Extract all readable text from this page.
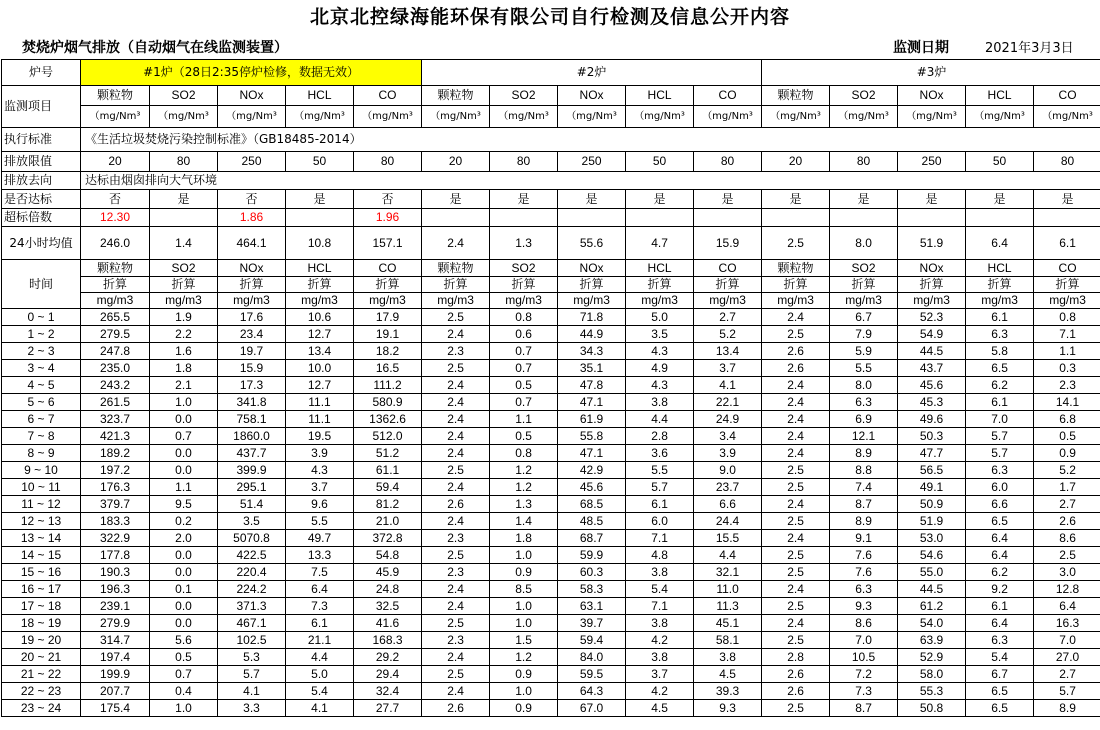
北京北控绿海能环保有限公司自行检测及信息公开内容
焚烧炉烟气排放（自动烟气在线监测装置）	监测日期	2021年3月3日
炉号	#1炉（28日2:35停炉检修，数据无效）					#2炉					#3炉				
监测项目	颗粒物	SO2	NOx	HCL	CO	颗粒物	SO2	NOx	HCL	CO	颗粒物	SO2	NOx	HCL	CO
	（mg/Nm³	（mg/Nm³	（mg/Nm³	（mg/Nm³	（mg/Nm³	（mg/Nm³	（mg/Nm³	（mg/Nm³	（mg/Nm³	（mg/Nm³	（mg/Nm³	（mg/Nm³	（mg/Nm³	（mg/Nm³	（mg/Nm³
执行标准	《生活垃圾焚烧污染控制标准》（GB18485-2014）														
排放限值	20	80	250	50	80	20	80	250	50	80	20	80	250	50	80
排放去向	达标由烟囱排向大气环境														
是否达标	否	是	否	是	否	是	是	是	是	是	是	是	是	是	是
超标倍数	12.30		1.86		1.96										
24小时均值	246.0	1.4	464.1	10.8	157.1	2.4	1.3	55.6	4.7	15.9	2.5	8.0	51.9	6.4	6.1
时间	颗粒物	SO2	NOx	HCL	CO	颗粒物	SO2	NOx	HCL	CO	颗粒物	SO2	NOx	HCL	CO
	折算	折算	折算	折算	折算	折算	折算	折算	折算	折算	折算	折算	折算	折算	折算
	mg/m3	mg/m3	mg/m3	mg/m3	mg/m3	mg/m3	mg/m3	mg/m3	mg/m3	mg/m3	mg/m3	mg/m3	mg/m3	mg/m3	mg/m3
0 ~ 1	265.5	1.9	17.6	10.6	17.9	2.5	0.8	71.8	5.0	2.7	2.4	6.7	52.3	6.1	0.8
1 ~ 2	279.5	2.2	23.4	12.7	19.1	2.4	0.6	44.9	3.5	5.2	2.5	7.9	54.9	6.3	7.1
2 ~ 3	247.8	1.6	19.7	13.4	18.2	2.3	0.7	34.3	4.3	13.4	2.6	5.9	44.5	5.8	1.1
3 ~ 4	235.0	1.8	15.9	10.0	16.5	2.5	0.7	35.1	4.9	3.7	2.6	5.5	43.7	6.5	0.3
4 ~ 5	243.2	2.1	17.3	12.7	111.2	2.4	0.5	47.8	4.3	4.1	2.4	8.0	45.6	6.2	2.3
5 ~ 6	261.5	1.0	341.8	11.1	580.9	2.4	0.7	47.1	3.8	22.1	2.4	6.3	45.3	6.1	14.1
6 ~ 7	323.7	0.0	758.1	11.1	1362.6	2.4	1.1	61.9	4.4	24.9	2.4	6.9	49.6	7.0	6.8
7 ~ 8	421.3	0.7	1860.0	19.5	512.0	2.4	0.5	55.8	2.8	3.4	2.4	12.1	50.3	5.7	0.5
8 ~ 9	189.2	0.0	437.7	3.9	51.2	2.4	0.8	47.1	3.6	3.9	2.4	8.9	47.7	5.7	0.9
9 ~ 10	197.2	0.0	399.9	4.3	61.1	2.5	1.2	42.9	5.5	9.0	2.5	8.8	56.5	6.3	5.2
10 ~ 11	176.3	1.1	295.1	3.7	59.4	2.4	1.2	45.6	5.7	23.7	2.5	7.4	49.1	6.0	1.7
11 ~ 12	379.7	9.5	51.4	9.6	81.2	2.6	1.3	68.5	6.1	6.6	2.4	8.7	50.9	6.6	2.7
12 ~ 13	183.3	0.2	3.5	5.5	21.0	2.4	1.4	48.5	6.0	24.4	2.5	8.9	51.9	6.5	2.6
13 ~ 14	322.9	2.0	5070.8	49.7	372.8	2.3	1.8	68.7	7.1	15.5	2.4	9.1	53.0	6.4	8.6
14 ~ 15	177.8	0.0	422.5	13.3	54.8	2.5	1.0	59.9	4.8	4.4	2.5	7.6	54.6	6.4	2.5
15 ~ 16	190.3	0.0	220.4	7.5	45.9	2.3	0.9	60.3	3.8	32.1	2.5	7.6	55.0	6.2	3.0
16 ~ 17	196.3	0.1	224.2	6.4	24.8	2.4	8.5	58.3	5.4	11.0	2.4	6.3	44.5	9.2	12.8
17 ~ 18	239.1	0.0	371.3	7.3	32.5	2.4	1.0	63.1	7.1	11.3	2.5	9.3	61.2	6.1	6.4
18 ~ 19	279.9	0.0	467.1	6.1	41.6	2.5	1.0	39.7	3.8	45.1	2.4	8.6	54.0	6.4	16.3
19 ~ 20	314.7	5.6	102.5	21.1	168.3	2.3	1.5	59.4	4.2	58.1	2.5	7.0	63.9	6.3	7.0
20 ~ 21	197.4	0.5	5.3	4.4	29.2	2.4	1.2	84.0	3.8	3.8	2.8	10.5	52.9	5.4	27.0
21 ~ 22	199.9	0.7	5.7	5.0	29.4	2.5	0.9	59.5	3.7	4.5	2.6	7.2	58.0	6.7	2.7
22 ~ 23	207.7	0.4	4.1	5.4	32.4	2.4	1.0	64.3	4.2	39.3	2.6	7.3	55.3	6.5	5.7
23 ~ 24	175.4	1.0	3.3	4.1	27.7	2.6	0.9	67.0	4.5	9.3	2.5	8.7	50.8	6.5	8.9
